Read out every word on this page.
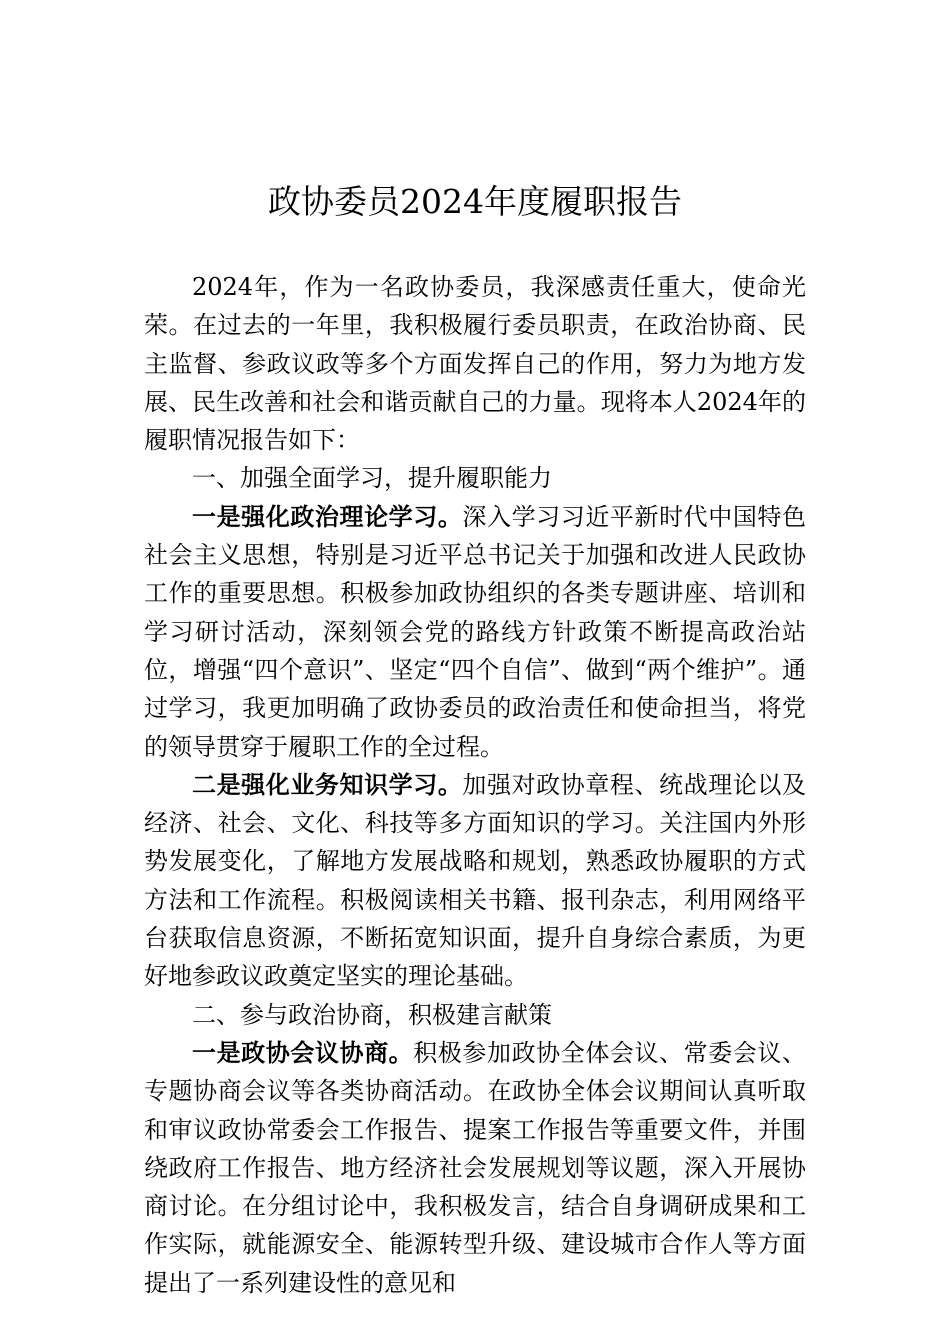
政协委员2024年度履职报告

2024年，作为一名政协委员，我深感责任重大，使命光荣。在过去的一年里，我积极履行委员职责，在政治协商、民主监督、参政议政等多个方面发挥自己的作用，努力为地方发展、民生改善和社会和谐贡献自己的力量。现将本人2024年的履职情况报告如下：

一、加强全面学习，提升履职能力

一是强化政治理论学习。深入学习习近平新时代中国特色社会主义思想，特别是习近平总书记关于加强和改进人民政协工作的重要思想。积极参加政协组织的各类专题讲座、培训和学习研讨活动，深刻领会党的路线方针政策不断提高政治站位，增强“四个意识”、坚定“四个自信”、做到“两个维护”。通过学习，我更加明确了政协委员的政治责任和使命担当，将党的领导贯穿于履职工作的全过程。

二是强化业务知识学习。加强对政协章程、统战理论以及经济、社会、文化、科技等多方面知识的学习。关注国内外形势发展变化，了解地方发展战略和规划，熟悉政协履职的方式方法和工作流程。积极阅读相关书籍、报刊杂志，利用网络平台获取信息资源，不断拓宽知识面，提升自身综合素质，为更好地参政议政奠定坚实的理论基础。

二、参与政治协商，积极建言献策

一是政协会议协商。积极参加政协全体会议、常委会议、专题协商会议等各类协商活动。在政协全体会议期间认真听取和审议政协常委会工作报告、提案工作报告等重要文件，并围绕政府工作报告、地方经济社会发展规划等议题，深入开展协商讨论。在分组讨论中，我积极发言，结合自身调研成果和工作实际，就能源安全、能源转型升级、建设城市合作人等方面提出了一系列建设性的意见和
